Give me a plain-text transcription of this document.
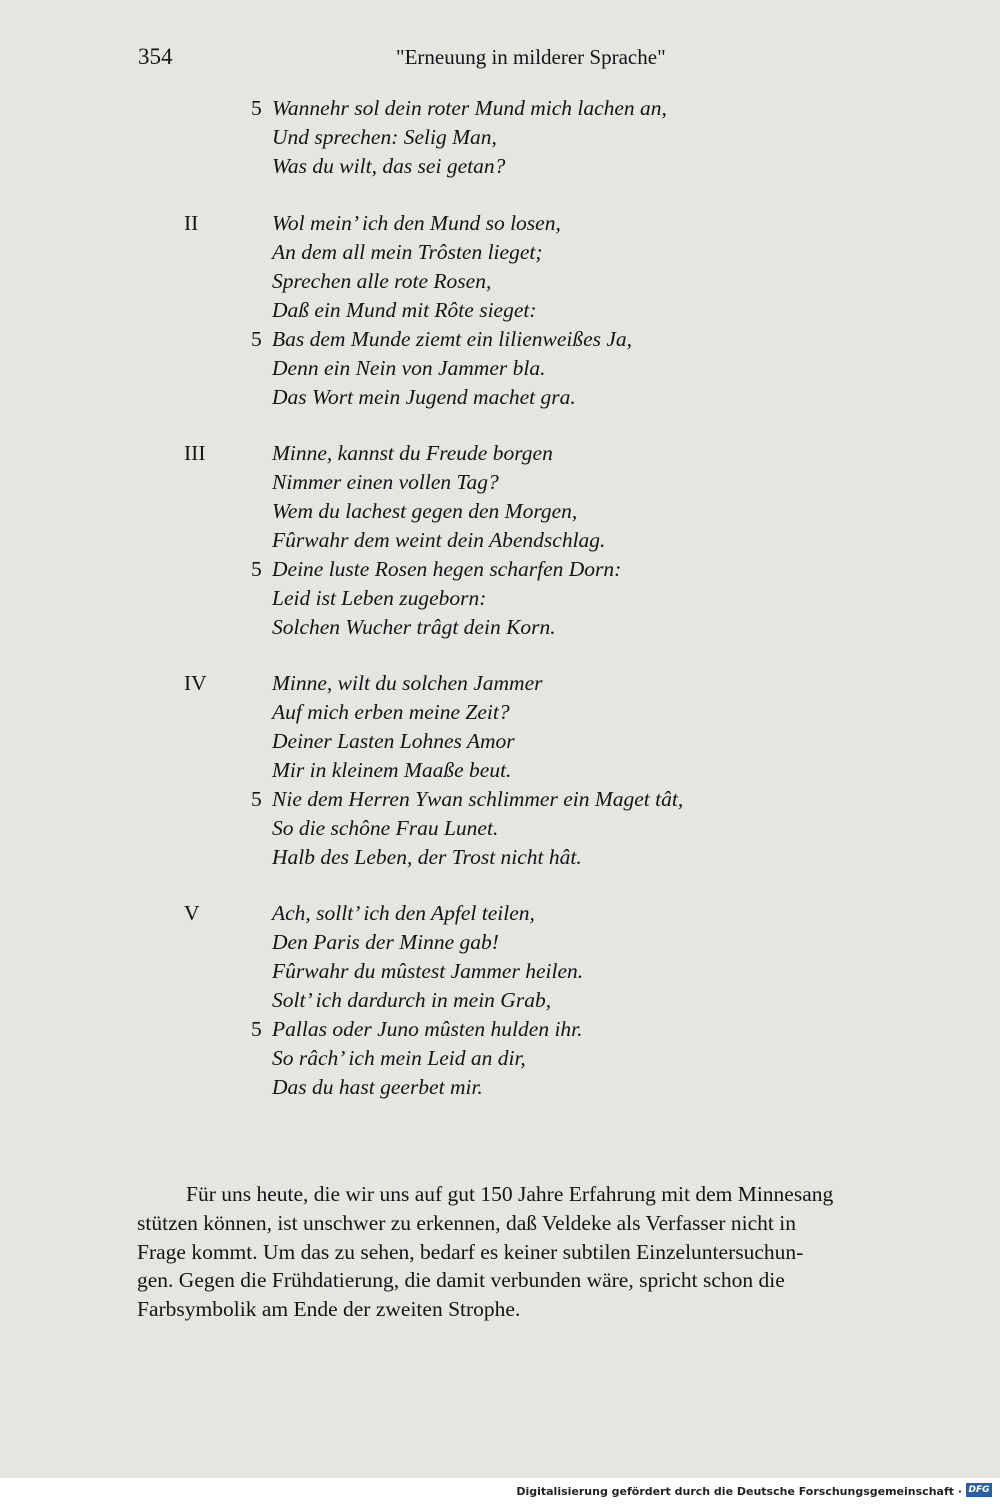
354	"Erneuung in milderer Sprache"
5 Wannehr sol dein roter Mund mich lachen an,
Und sprechen: Selig Man,
Was du wilt, das sei getan?
II	Wol mein’ ich den Mund so losen,
An dem all mein Trôsten lieget;
Sprechen alle rote Rosen,
Daß ein Mund mit Rôte sieget:
5 Bas dem Munde ziemt ein lilienweißes Ja,
Denn ein Nein von Jammer bla.
Das Wort mein Jugend machet gra.
III	Minne, kannst du Freude borgen
Nimmer einen vollen Tag?
Wem du lachest gegen den Morgen,
Fûrwahr dem weint dein Abendschlag.
5 Deine luste Rosen hegen scharfen Dorn:
Leid ist Leben zugeborn:
Solchen Wucher trâgt dein Korn.
IV	Minne, wilt du solchen Jammer
Auf mich erben meine Zeit?
Deiner Lasten Lohnes Amor
Mir in kleinem Maaße beut.
5 Nie dem Herren Ywan schlimmer ein Maget tât,
So die schône Frau Lunet.
Halb des Leben, der Trost nicht hât.
V	Ach, sollt’ ich den Apfel teilen,
Den Paris der Minne gab!
Fûrwahr du mûstest Jammer heilen.
Solt’ ich dardurch in mein Grab,
5 Pallas oder Juno mûsten hulden ihr.
So râch’ ich mein Leid an dir,
Das du hast geerbet mir.

Für uns heute, die wir uns auf gut 150 Jahre Erfahrung mit dem Minnesang
stützen können, ist unschwer zu erkennen, daß Veldeke als Verfasser nicht in
Frage kommt. Um das zu sehen, bedarf es keiner subtilen Einzeluntersuchun-
gen. Gegen die Frühdatierung, die damit verbunden wäre, spricht schon die
Farbsymbolik am Ende der zweiten Strophe.

Digitalisierung gefördert durch die Deutsche Forschungsgemeinschaft · DFG
